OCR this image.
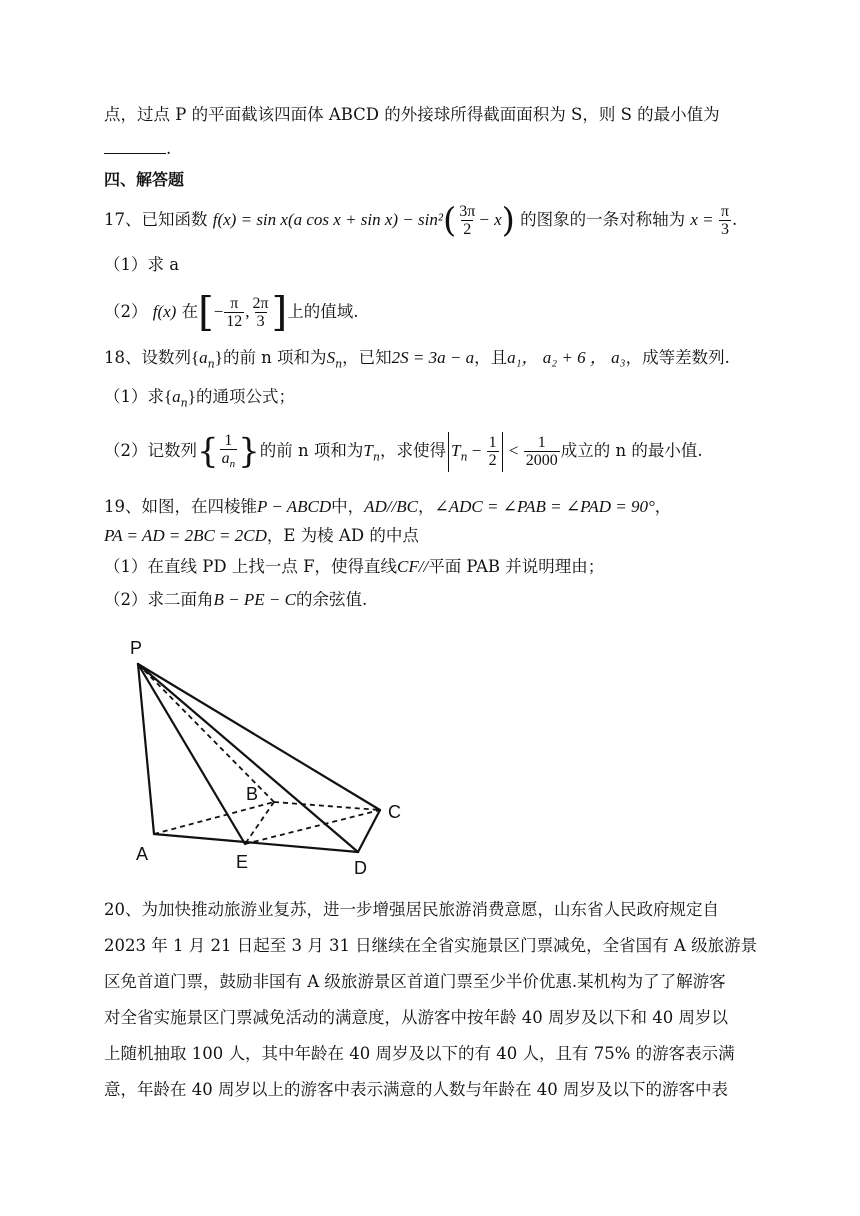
点，过点 P 的平面截该四面体 ABCD 的外接球所得截面面积为 S，则 S 的最小值为
.
四、解答题
17、已知函数 f(x) = sin x(a $\cos x + \sin x) - \sin^2( \frac{3\pi}{2} - x)$ 的图象的一条对称轴为 $x = \frac{\pi}{3}$ .
（1）求 a
（2） f(x) 在[− $\frac{\pi}{12}$ , $\frac{2\pi}{3}$ ]上的值域.
18、设数列$\{a_n\}$的前 n 项和为$S_n$，已知2S = 3a − a，且a₁， a₂ + 6 ， a₃，成等差数列.
（1）求$\{a_n\}$的通项公式；
（2）记数列{ $\frac{1}{a_n}$ }的前 n 项和为$T_n$，求使得 $T_n - \frac{1}{2} < \frac{1}{2000}$ 成立的 n 的最小值.
19、如图，在四棱锥P − ABCD中，AD//BC，∠ADC = ∠PAB = ∠PAD = 90°，
PA = AD = 2BC = 2CD，E 为棱 AD 的中点
（1）在直线 PD 上找一点 F，使得直线CF//平面 PAB 并说明理由；
（2）求二面角B − PE − C的余弦值.
P
A	E	D
B
C
20、为加快推动旅游业复苏，进一步增强居民旅游消费意愿，山东省人民政府规定自
2023 年 1 月 21 日起至 3 月 31 日继续在全省实施景区门票减免，全省国有 A 级旅游景
区免首道门票，鼓励非国有 A 级旅游景区首道门票至少半价优惠.某机构为了了解游客
对全省实施景区门票减免活动的满意度，从游客中按年龄 40 周岁及以下和 40 周岁以
上随机抽取 100 人，其中年龄在 40 周岁及以下的有 40 人，且有 75% 的游客表示满
意，年龄在 40 周岁以上的游客中表示满意的人数与年龄在 40 周岁及以下的游客中表
